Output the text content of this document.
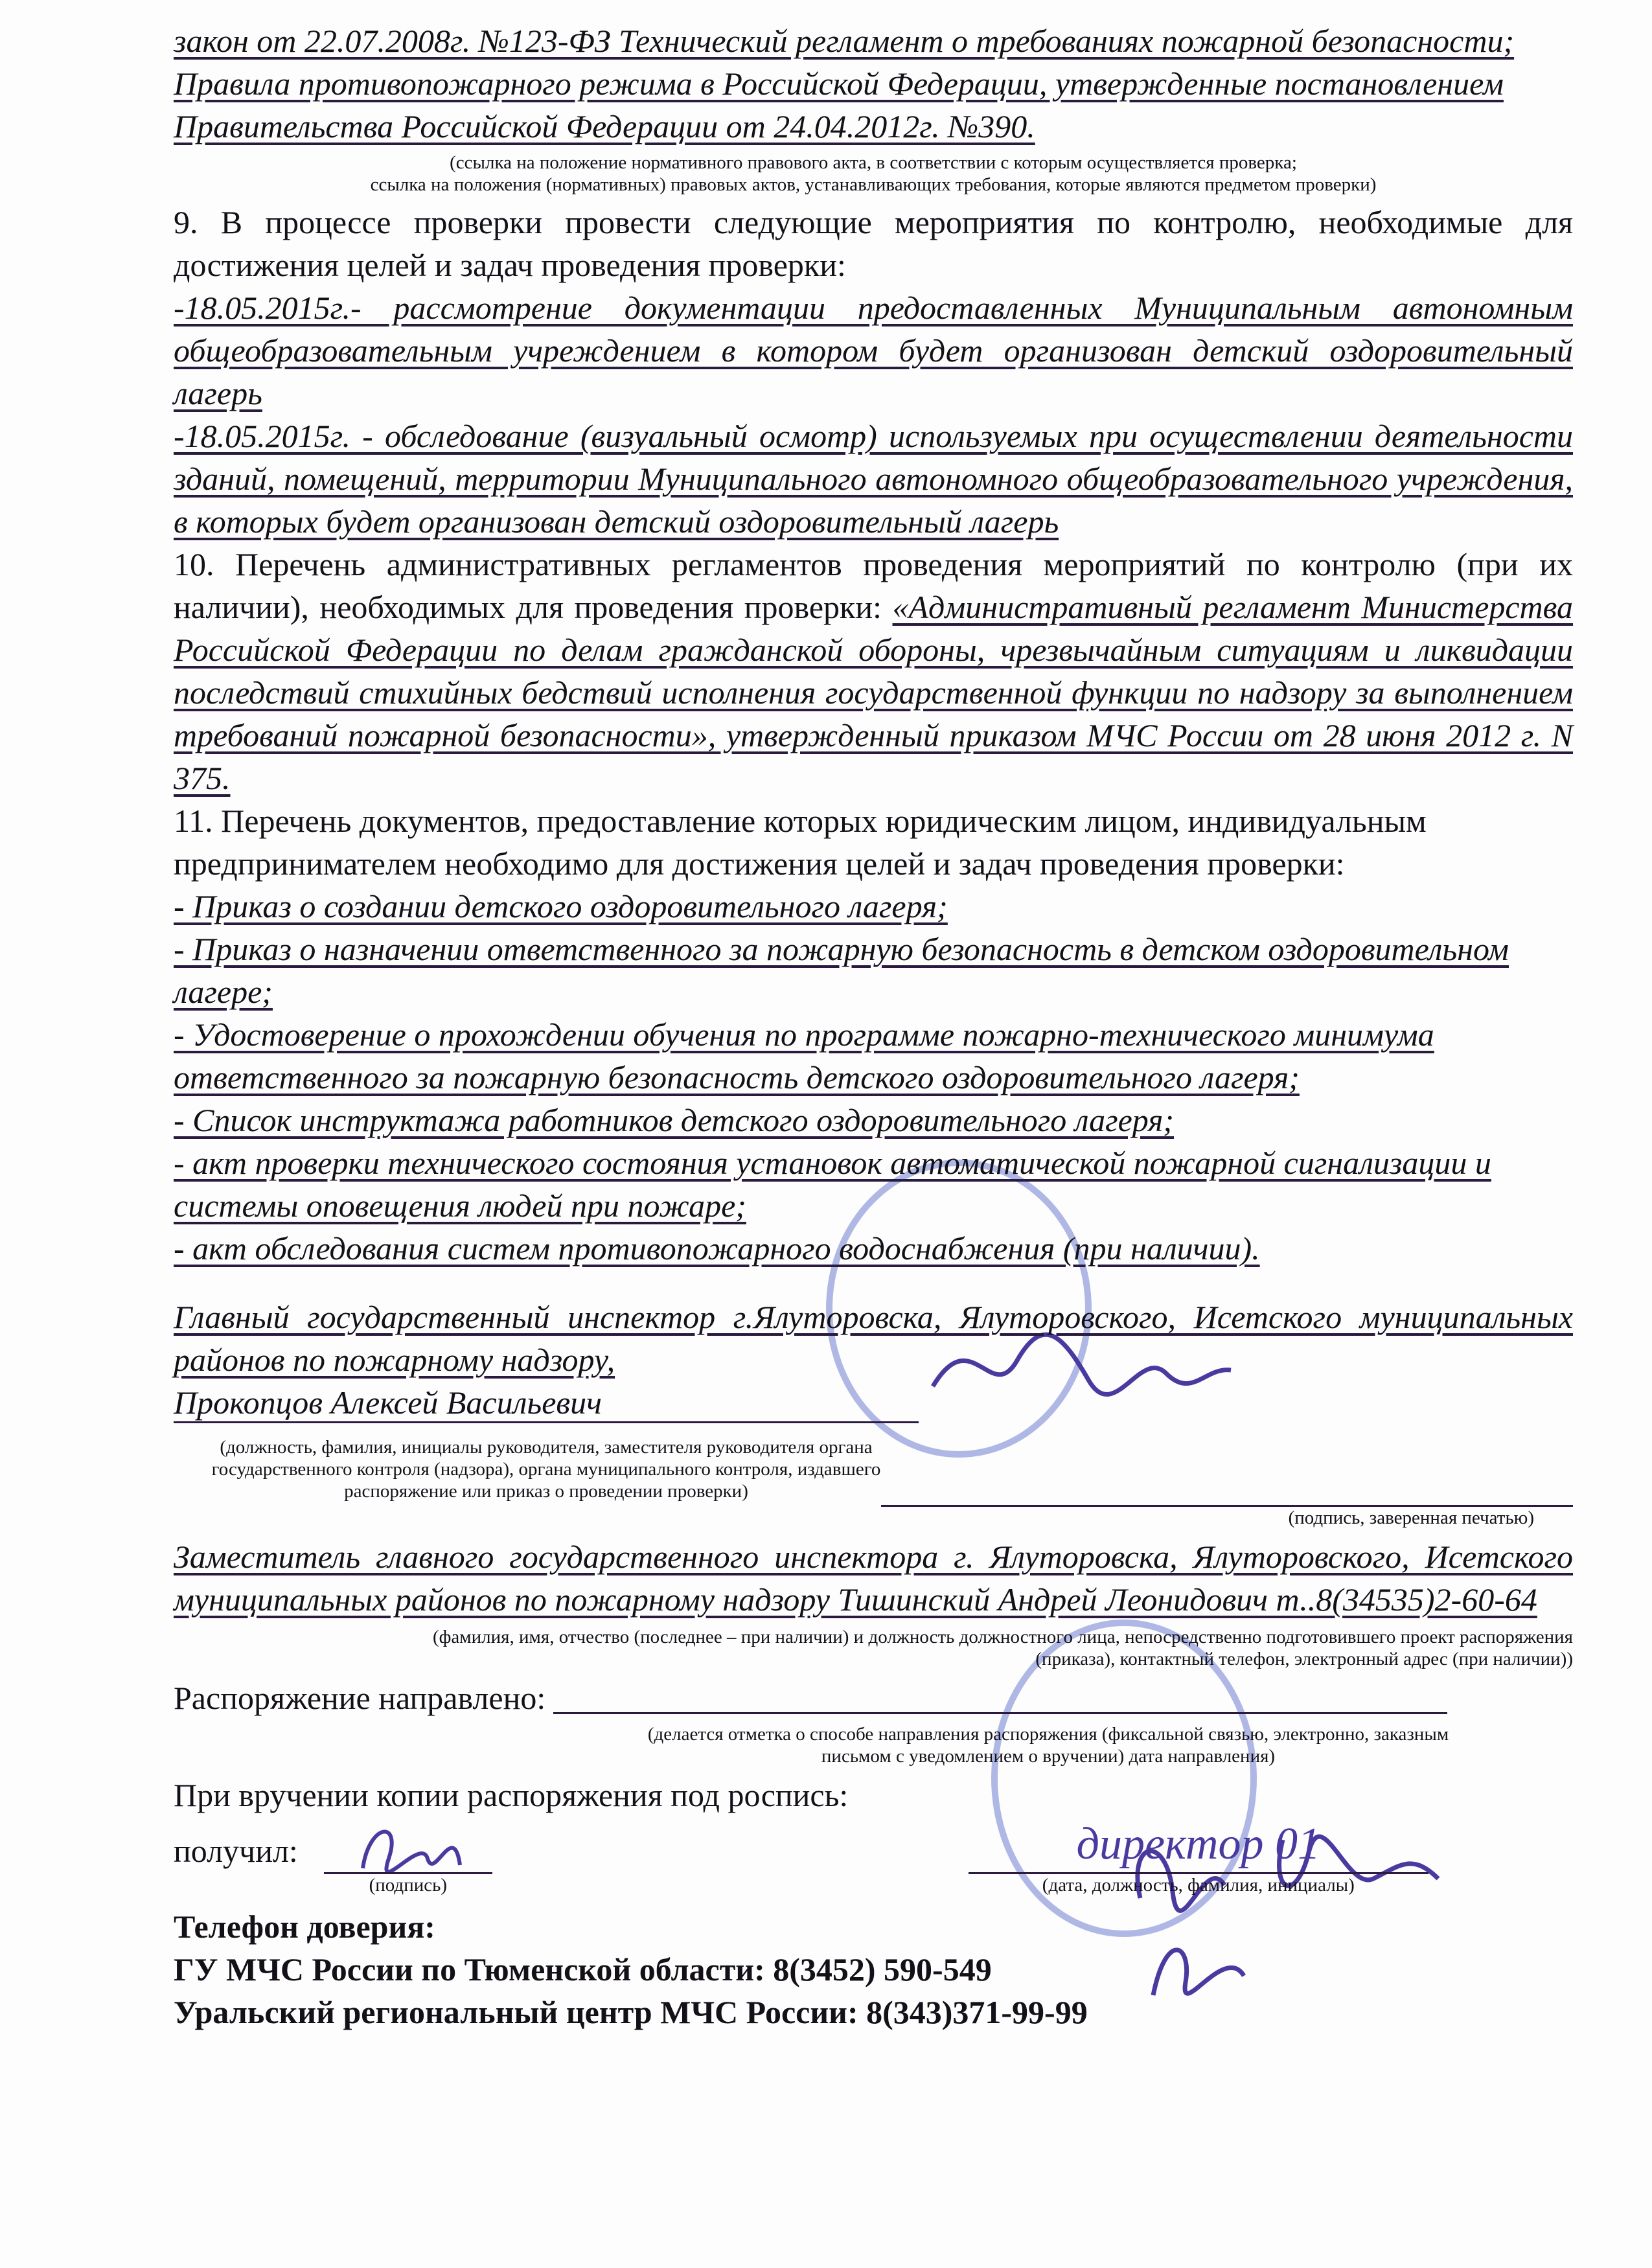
закон от 22.07.2008г. №123-ФЗ Технический регламент о требованиях пожарной безопасности;

Правила противопожарного режима в Российской Федерации, утвержденные постановлением

Правительства Российской Федерации от 24.04.2012г. №390.

(ссылка на положение нормативного правового акта, в соответствии с которым осуществляется проверка;

ссылка на положения (нормативных) правовых актов, устанавливающих требования, которые являются предметом проверки)

9. В процессе проверки провести следующие мероприятия по контролю, необходимые для достижения целей и задач проведения проверки:

-18.05.2015г.- рассмотрение документации предоставленных Муниципальным автономным общеобразовательным учреждением в котором будет организован детский оздоровительный лагерь

-18.05.2015г. - обследование (визуальный осмотр) используемых при осуществлении деятельности зданий, помещений, территории Муниципального автономного общеобразовательного учреждения, в которых будет организован детский оздоровительный лагерь

10. Перечень административных регламентов проведения мероприятий по контролю (при их наличии), необходимых для проведения проверки: «Административный регламент Министерства Российской Федерации по делам гражданской обороны, чрезвычайным ситуациям и ликвидации последствий стихийных бедствий исполнения государственной функции по надзору за выполнением требований пожарной безопасности», утвержденный приказом МЧС России от 28 июня 2012 г. N 375.

11. Перечень документов, предоставление которых юридическим лицом, индивидуальным предпринимателем необходимо для достижения целей и задач проведения проверки:

- Приказ о создании детского оздоровительного лагеря;

- Приказ о назначении ответственного за пожарную безопасность в детском оздоровительном лагере;

- Удостоверение о прохождении обучения по программе пожарно-технического минимума ответственного за пожарную безопасность детского оздоровительного лагеря;

- Список инструктажа работников детского оздоровительного лагеря;

- акт проверки технического состояния установок автоматической пожарной сигнализации и системы оповещения людей при пожаре;

- акт обследования систем противопожарного водоснабжения (при наличии).

Главный государственный инспектор г.Ялуторовска, Ялуторовского, Исетского муниципальных районов по пожарному надзору,

Прокопцов Алексей Васильевич

(должность, фамилия, инициалы руководителя, заместителя руководителя органа государственного контроля (надзора), органа муниципального контроля, издавшего распоряжение или приказ о проведении проверки)

(подпись, заверенная печатью)

Заместитель главного государственного инспектора г. Ялуторовска, Ялуторовского, Исетского муниципальных районов по пожарному надзору Тишинский Андрей Леонидович т..8(34535)2-60-64

(фамилия, имя, отчество (последнее – при наличии) и должность должностного лица, непосредственно подготовившего проект распоряжения (приказа), контактный телефон, электронный адрес (при наличии))

Распоряжение направлено:

(делается отметка о способе направления распоряжения (фиксальной связью, электронно, заказным письмом с уведомлением о вручении) дата направления)

При вручении копии распоряжения под роспись:

получил:

(подпись)

директор 01

(дата, должность, фамилия, инициалы)

Телефон доверия:

ГУ МЧС России по Тюменской области: 8(3452) 590-549

Уральский региональный центр МЧС России: 8(343)371-99-99
